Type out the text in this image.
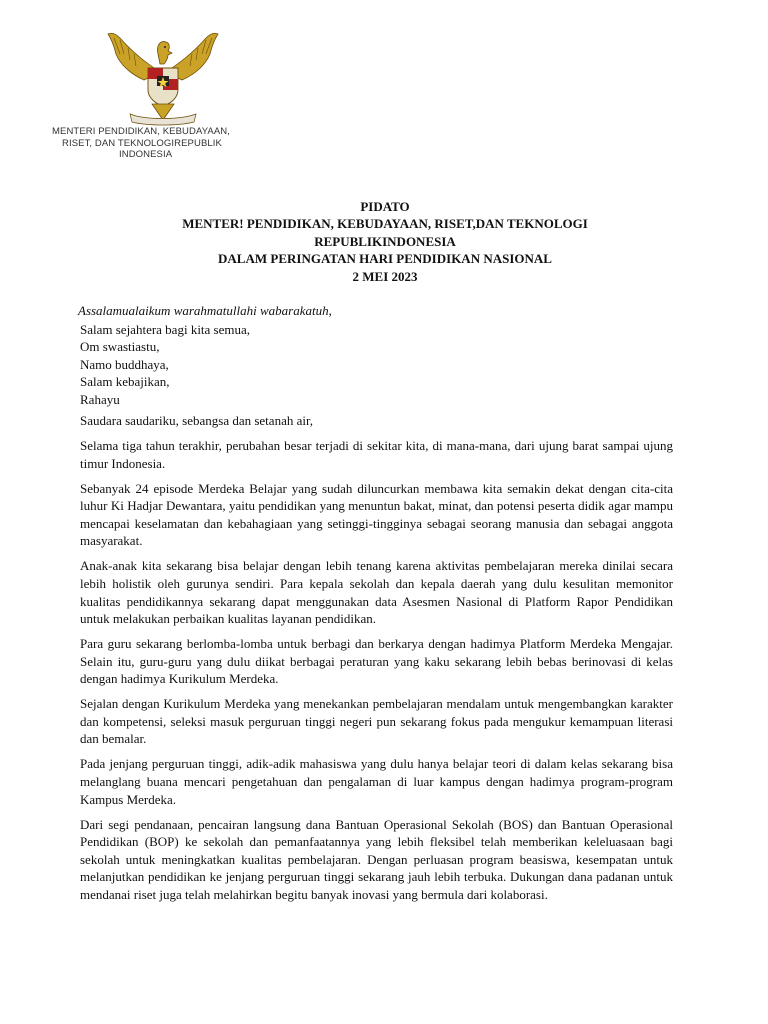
MENTERI PENDIDIKAN, KEBUDAYAAN,
RISET, DAN TEKNOLOGIREPUBLIK
INDONESIA
PIDATO
MENTER! PENDIDIKAN, KEBUDAYAAN, RISET,DAN TEKNOLOGI
REPUBLIKINDONESIA
DALAM PERINGATAN HARI PENDIDIKAN NASIONAL
2 MEI 2023
Assalamualaikum warahmatullahi wabarakatuh,
Salam sejahtera bagi kita semua,
Om swastiastu,
Namo buddhaya,
Salam kebajikan,
Rahayu

Saudara saudariku, sebangsa dan setanah air,

Selama tiga tahun terakhir, perubahan besar terjadi di sekitar kita, di mana-mana, dari ujung barat sampai ujung timur Indonesia.

Sebanyak 24 episode Merdeka Belajar yang sudah diluncurkan membawa kita semakin dekat dengan cita-cita luhur Ki Hadjar Dewantara, yaitu pendidikan yang menuntun bakat, minat, dan potensi peserta didik agar mampu mencapai keselamatan dan kebahagiaan yang setinggi-tingginya sebagai seorang manusia dan sebagai anggota masyarakat.

Anak-anak kita sekarang bisa belajar dengan lebih tenang karena aktivitas pembelajaran mereka dinilai secara lebih holistik oleh gurunya sendiri. Para kepala sekolah dan kepala daerah yang dulu kesulitan memonitor kualitas pendidikannya sekarang dapat menggunakan data Asesmen Nasional di Platform Rapor Pendidikan untuk melakukan perbaikan kualitas layanan pendidikan.

Para guru sekarang berlomba-lomba untuk berbagi dan berkarya dengan hadimya Platform Merdeka Mengajar. Selain itu, guru-guru yang dulu diikat berbagai peraturan yang kaku sekarang lebih bebas berinovasi di kelas dengan hadimya Kurikulum Merdeka.

Sejalan dengan Kurikulum Merdeka yang menekankan pembelajaran mendalam untuk mengembangkan karakter dan kompetensi, seleksi masuk perguruan tinggi negeri pun sekarang fokus pada mengukur kemampuan literasi dan bemalar.

Pada jenjang perguruan tinggi, adik-adik mahasiswa yang dulu hanya belajar teori di dalam kelas sekarang bisa melanglang buana mencari pengetahuan dan pengalaman di luar kampus dengan hadimya program-program Kampus Merdeka.

Dari segi pendanaan, pencairan langsung dana Bantuan Operasional Sekolah (BOS) dan Bantuan Operasional Pendidikan (BOP) ke sekolah dan pemanfaatannya yang lebih fleksibel telah memberikan keleluasaan bagi sekolah untuk meningkatkan kualitas pembelajaran. Dengan perluasan program beasiswa, kesempatan untuk melanjutkan pendidikan ke jenjang perguruan tinggi sekarang jauh lebih terbuka. Dukungan dana padanan untuk mendanai riset juga telah melahirkan begitu banyak inovasi yang bermula dari kolaborasi.
